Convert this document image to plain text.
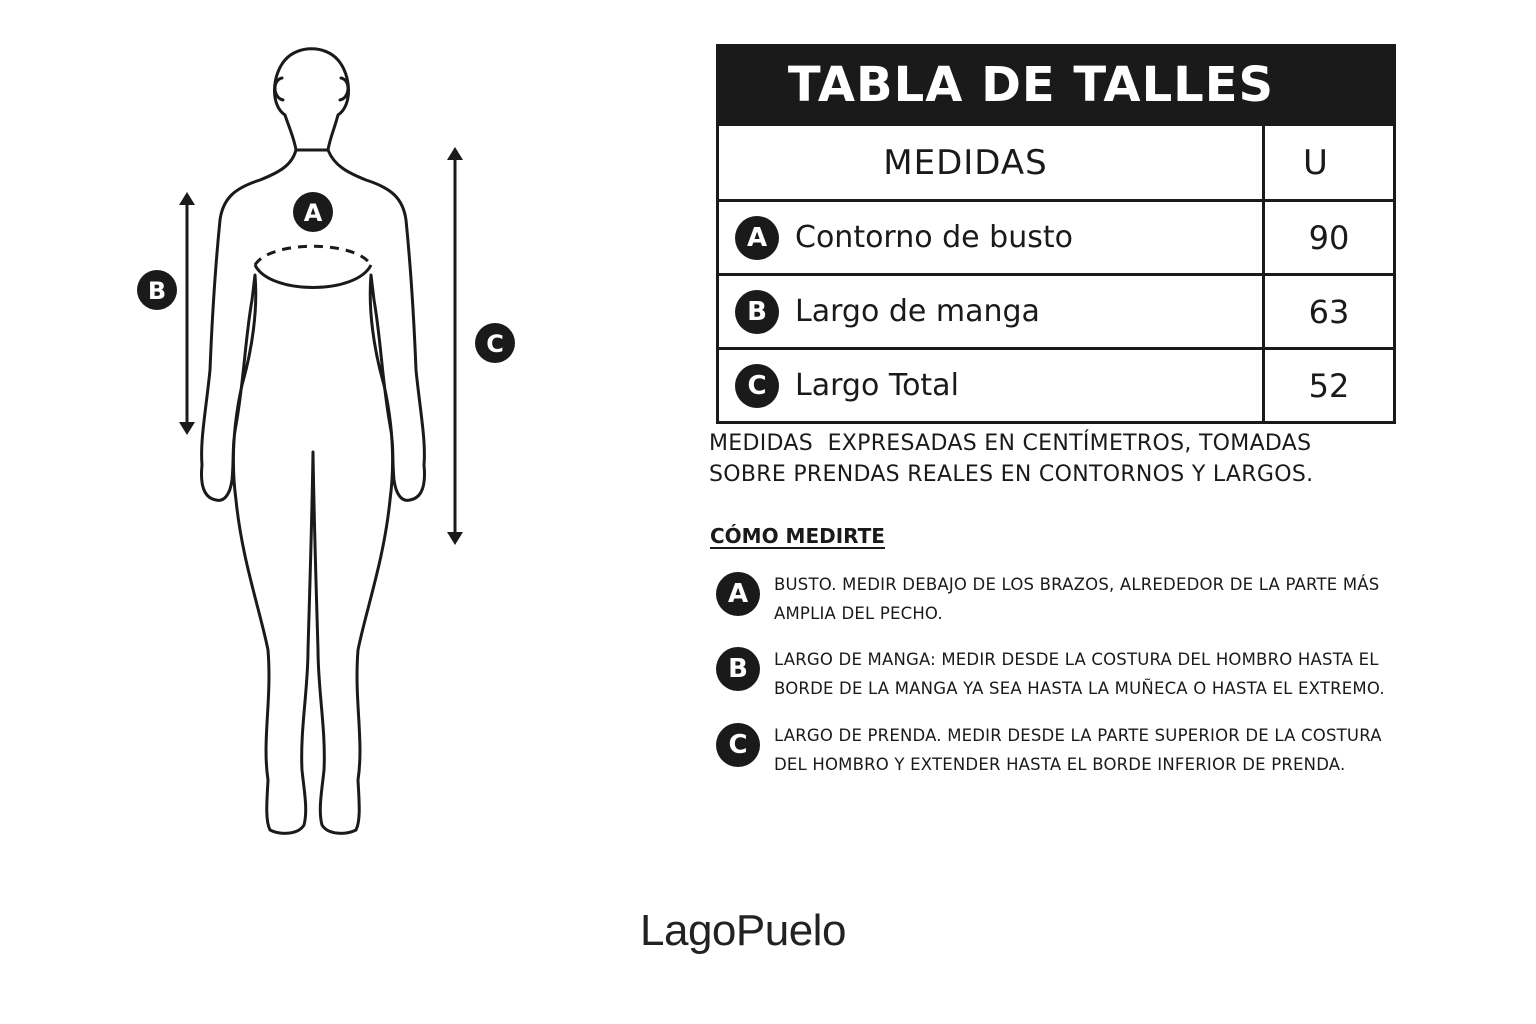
A
B
C
TABLA DE TALLES
MEDIDAS	U
A Contorno de busto	90
B Largo de manga	63
C Largo Total	52

MEDIDAS  EXPRESADAS EN CENTÍMETROS, TOMADAS
SOBRE PRENDAS REALES EN CONTORNOS Y LARGOS.

CÓMO MEDIRTE
A	BUSTO. MEDIR DEBAJO DE LOS BRAZOS, ALREDEDOR DE LA PARTE MÁS
AMPLIA DEL PECHO.
B	LARGO DE MANGA: MEDIR DESDE LA COSTURA DEL HOMBRO HASTA EL
BORDE DE LA MANGA YA SEA HASTA LA MUÑECA O HASTA EL EXTREMO.
C	LARGO DE PRENDA. MEDIR DESDE LA PARTE SUPERIOR DE LA COSTURA
DEL HOMBRO Y EXTENDER HASTA EL BORDE INFERIOR DE PRENDA.
LagoPuelo
